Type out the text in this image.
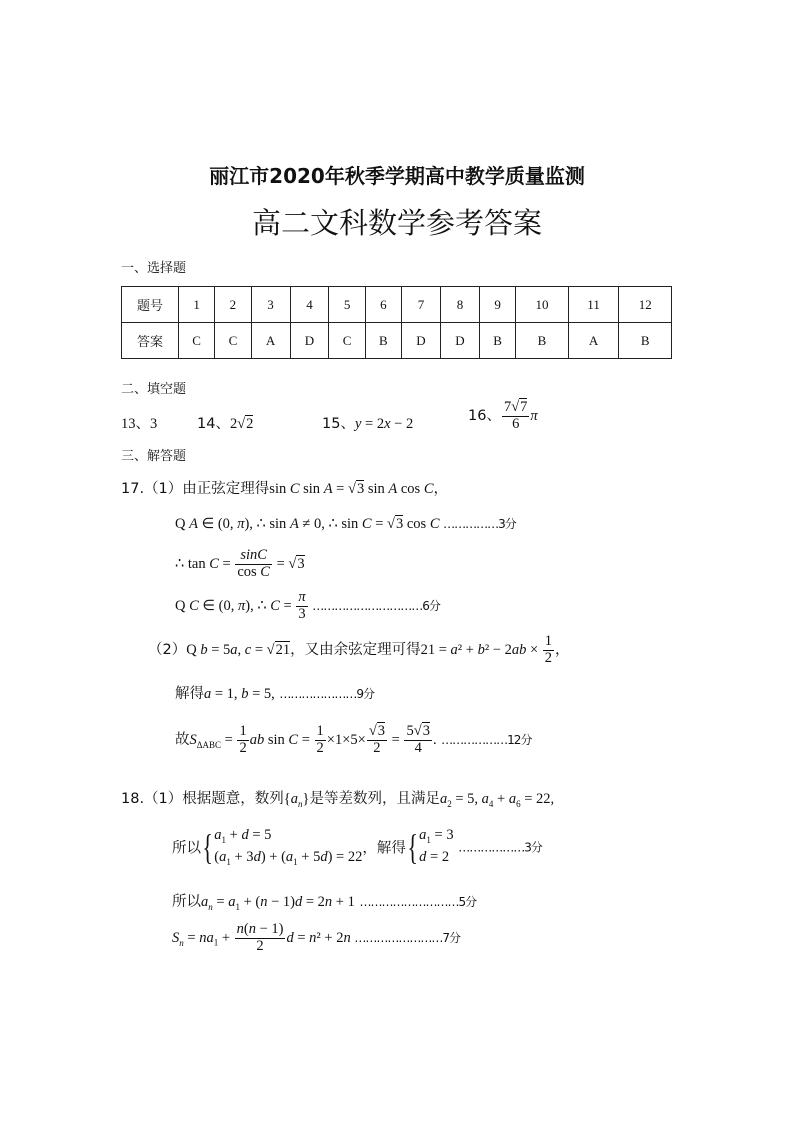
丽江市2020年秋季学期高中教学质量监测
高二文科数学参考答案
一、选择题
题号	1	2	3	4	5	6	7	8	9	10	11	12
答案	C	C	A	D	C	B	D	D	B	B	A	B
二、填空题
13、3	14、2√2	15、y = 2x − 2
16、 $\frac{7√7}{6}$ π
三、解答题
17.（1）由正弦定理得sin C sin A = √3 sin A cos C，
Q A ∈ (0, π), ∴ sin A ≠ 0, ∴ sin C = √3 cos C ……………3分
∴ $\tan C = \frac{\sin C}{\text{cos C}} = √3$
Q C ∈ (0, π), ∴ $C = \frac{\pi}{3}$ …………………………6分
（2）Q b = 5a, c = √21，又由余弦定理可得$21 = a^2 + b^2 - 2ab \times \frac{1}{2}$ ，
解得a = 1, b = 5, …………………9分
故$S_{\Delta ABC} = \frac{1}{2}$ ab $\sin C = \frac{1}{2} \times 1\times 5\times \frac{√3}{2} = \frac{5√3}{4}$ . ………………12分
18.（1）根据题意，数列$\{a_n\}$是等差数列，且满足$a_2 = 5$, $a_4 + a_6 = 22$,
所以{ $a_1 + d = 5$
$(a_1 + 3d) + (a_1 + 5d) = 22$
，解得{ $a_1 = 3$
d = 2
………………3分
所以$a_n = a_1 + (n - 1)d = 2n + 1$ ………………………5分
$S_n = na_1 + \frac{n(n - 1)}{2}$ d = n² + 2n ……………………7分
